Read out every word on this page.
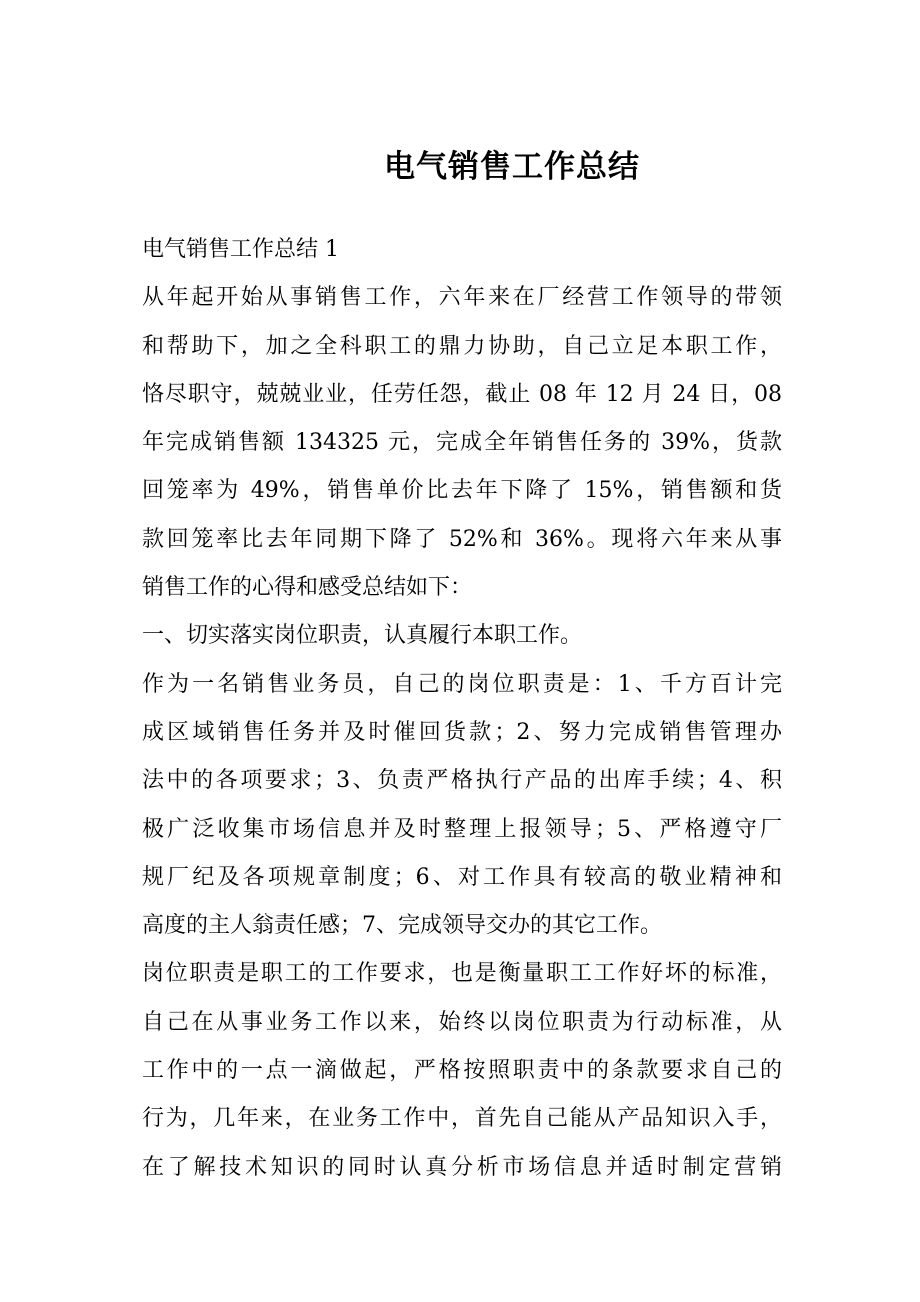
电气销售工作总结
电气销售工作总结 1
从年起开始从事销售工作，六年来在厂经营工作领导的带领
和帮助下，加之全科职工的鼎力协助，自己立足本职工作，
恪尽职守，兢兢业业，任劳任怨，截止 08 年 12 月 24 日，08
年完成销售额 134325 元，完成全年销售任务的 39%，货款
回笼率为 49%，销售单价比去年下降了 15%，销售额和货
款回笼率比去年同期下降了 52%和 36%。现将六年来从事
销售工作的心得和感受总结如下：
一、切实落实岗位职责，认真履行本职工作。
作为一名销售业务员，自己的岗位职责是：1、千方百计完
成区域销售任务并及时催回货款；2、努力完成销售管理办
法中的各项要求；3、负责严格执行产品的出库手续；4、积
极广泛收集市场信息并及时整理上报领导；5、严格遵守厂
规厂纪及各项规章制度；6、对工作具有较高的敬业精神和
高度的主人翁责任感；7、完成领导交办的其它工作。
岗位职责是职工的工作要求，也是衡量职工工作好坏的标准，
自己在从事业务工作以来，始终以岗位职责为行动标准，从
工作中的一点一滴做起，严格按照职责中的条款要求自己的
行为，几年来，在业务工作中，首先自己能从产品知识入手，
在了解技术知识的同时认真分析市场信息并适时制定营销
